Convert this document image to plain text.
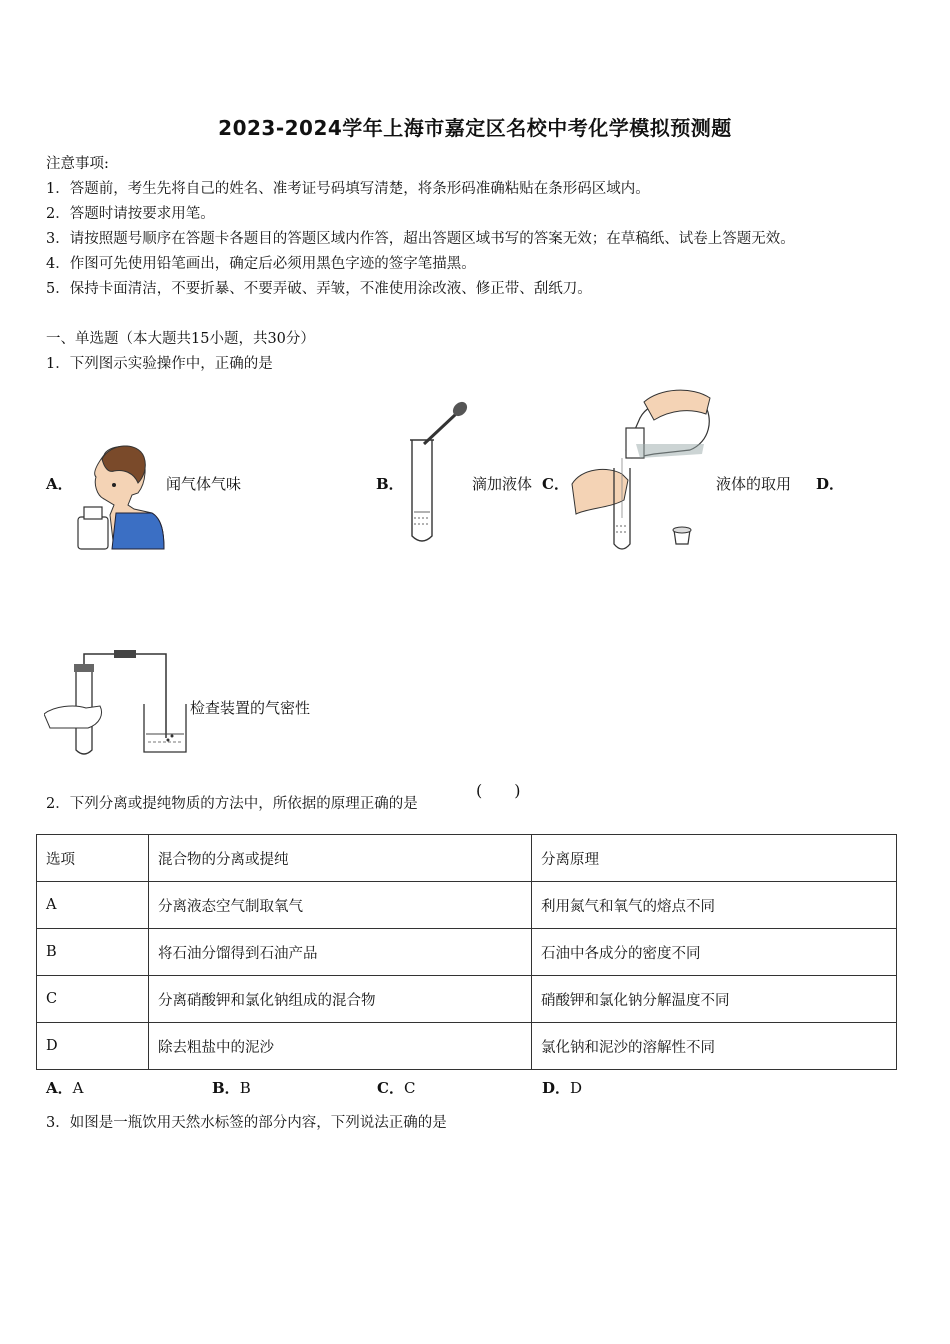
2023-2024学年上海市嘉定区名校中考化学模拟预测题
注意事项:
1．答题前，考生先将自己的姓名、准考证号码填写清楚，将条形码准确粘贴在条形码区域内。
2．答题时请按要求用笔。
3．请按照题号顺序在答题卡各题目的答题区域内作答，超出答题区域书写的答案无效；在草稿纸、试卷上答题无效。
4．作图可先使用铅笔画出，确定后必须用黑色字迹的签字笔描黑。
5．保持卡面清洁，不要折暴、不要弄破、弄皱，不准使用涂改液、修正带、刮纸刀。
一、单选题（本大题共15小题，共30分）
1．下列图示实验操作中，正确的是
A．	闻气体气味	B．	滴加液体 C．	液体的取用 D．
检查装置的气密性
2．下列分离或提纯物质的方法中，所依据的原理正确的是
(　　)
选项	混合物的分离或提纯	分离原理
A	分离液态空气制取氧气	利用氮气和氧气的熔点不同
B	将石油分馏得到石油产品	石油中各成分的密度不同
C	分离硝酸钾和氯化钠组成的混合物	硝酸钾和氯化钠分解温度不同
D	除去粗盐中的泥沙	氯化钠和泥沙的溶解性不同
A．A	B．B	C．C	D．D
3．如图是一瓶饮用天然水标签的部分内容，下列说法正确的是
